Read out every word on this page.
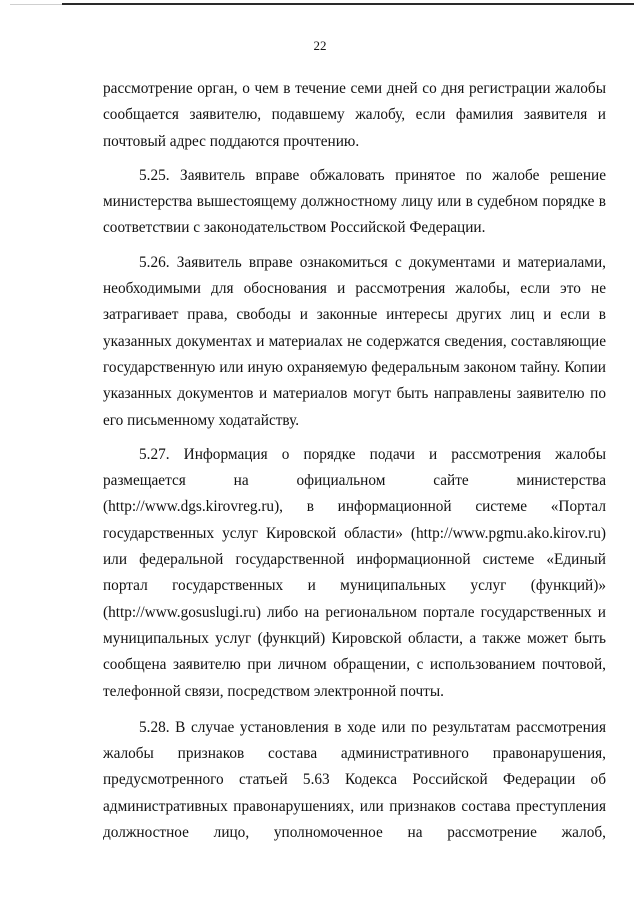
22
рассмотрение орган, о чем в течение семи дней со дня регистрации жалобы
сообщается заявителю, подавшему жалобу, если фамилия заявителя и
почтовый адрес поддаются прочтению.
5.25. Заявитель вправе обжаловать принятое по жалобе решение
министерства вышестоящему должностному лицу или в судебном порядке в
соответствии с законодательством Российской Федерации.
5.26. Заявитель вправе ознакомиться с документами и материалами,
необходимыми для обоснования и рассмотрения жалобы, если это не
затрагивает права, свободы и законные интересы других лиц и если в
указанных документах и материалах не содержатся сведения, составляющие
государственную или иную охраняемую федеральным законом тайну. Копии
указанных документов и материалов могут быть направлены заявителю по
его письменному ходатайству.
5.27. Информация о порядке подачи и рассмотрения жалобы
размещается на официальном сайте министерства
(http://www.dgs.kirovreg.ru), в информационной системе «Портал
государственных услуг Кировской области» (http://www.pgmu.ako.kirov.ru)
или федеральной государственной информационной системе «Единый
портал государственных и муниципальных услуг (функций)»
(http://www.gosuslugi.ru) либо на региональном портале государственных и
муниципальных услуг (функций) Кировской области, а также может быть
сообщена заявителю при личном обращении, с использованием почтовой,
телефонной связи, посредством электронной почты.
5.28. В случае установления в ходе или по результатам рассмотрения
жалобы признаков состава административного правонарушения,
предусмотренного статьей 5.63 Кодекса Российской Федерации об
административных правонарушениях, или признаков состава преступления
должностное лицо, уполномоченное на рассмотрение жалоб,
